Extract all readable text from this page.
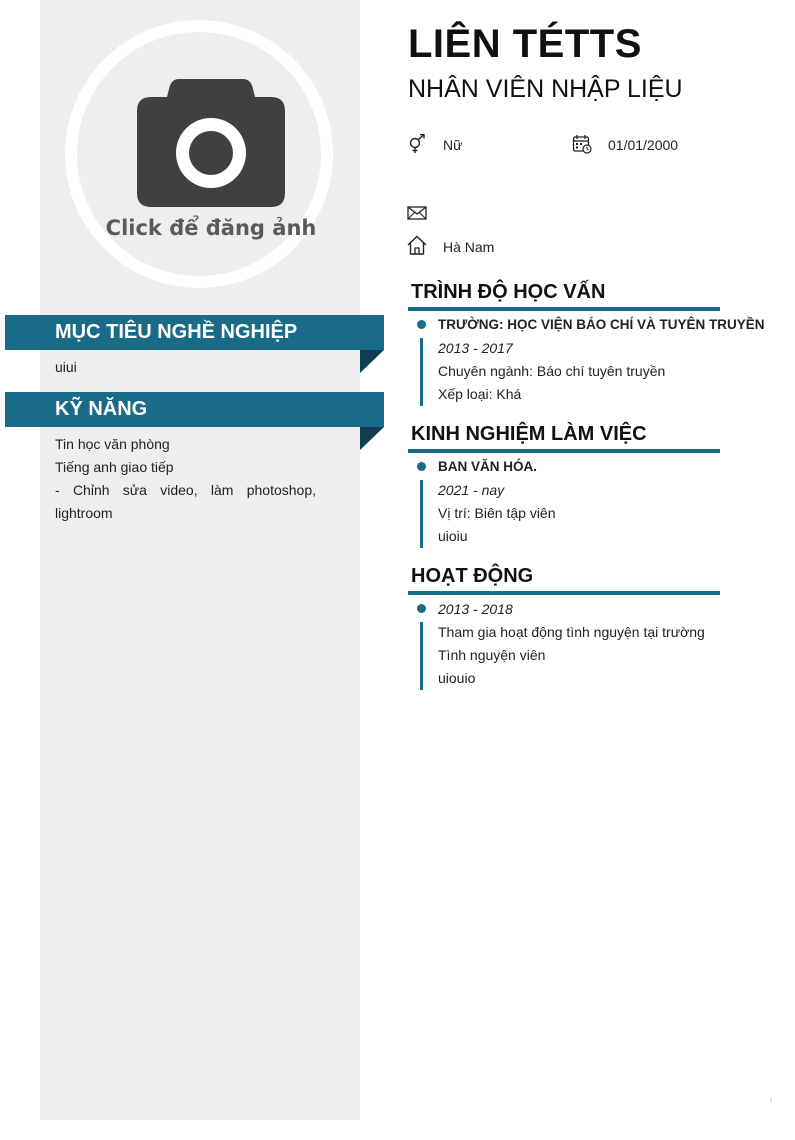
Click để đăng ảnh
MỤC TIÊU NGHỀ NGHIỆP
uiui
KỸ NĂNG
Tin học văn phòng
Tiếng anh giao tiếp
- Chỉnh sửa video, làm photoshop, lightroom
LIÊN TÉTTS
NHÂN VIÊN NHẬP LIỆU
Nữ	01/01/2000
Hà Nam
TRÌNH ĐỘ HỌC VẤN
TRƯỜNG: HỌC VIỆN BÁO CHÍ VÀ TUYÊN TRUYỀN
2013 - 2017
Chuyên ngành: Báo chí tuyên truyền
Xếp loại: Khá
KINH NGHIỆM LÀM VIỆC
BAN VĂN HÓA.
2021 - nay
Vị trí: Biên tập viên
uioiu
HOẠT ĐỘNG
2013 - 2018
Tham gia hoạt động tình nguyện tại trường
Tình nguyện viên
uiouio
⁝
